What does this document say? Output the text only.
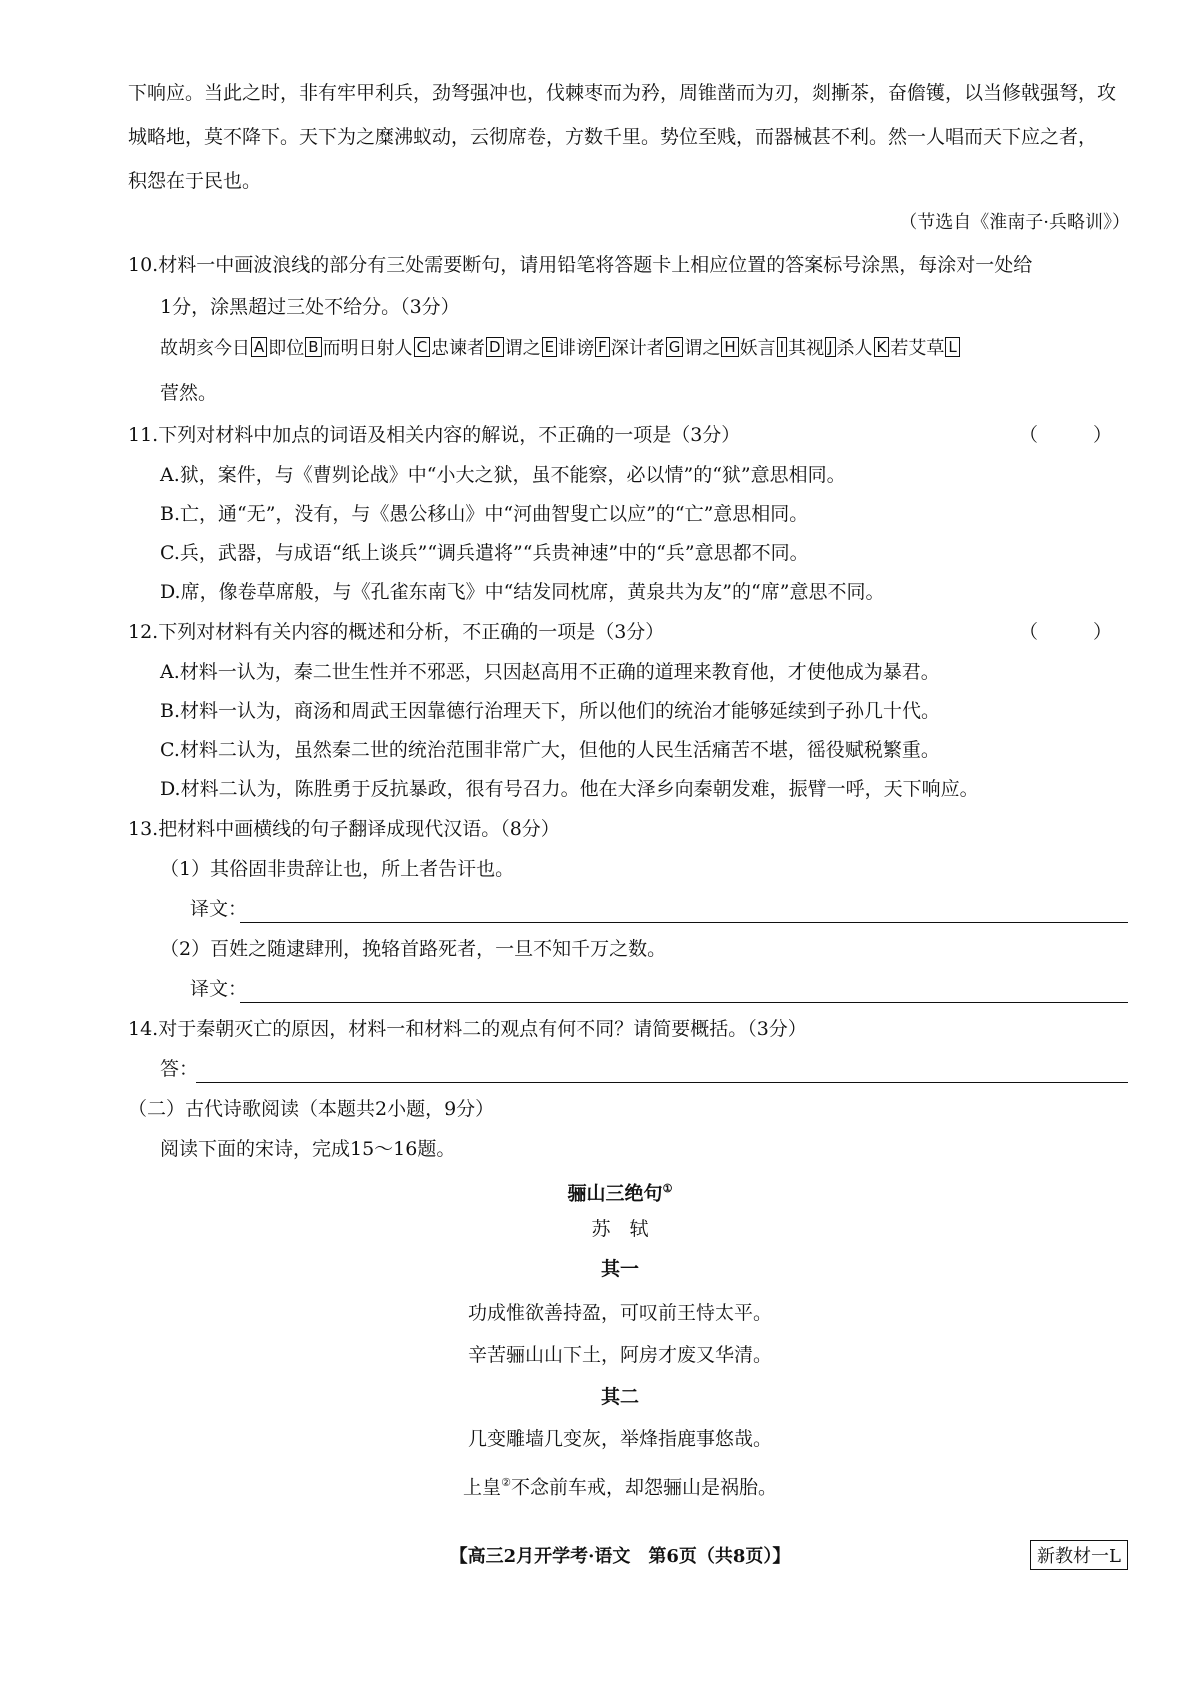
下响应。当此之时，非有牢甲利兵，劲弩强冲也，伐棘枣而为矜，周锥凿而为刃，剡摲茶，奋儋镬，以当修戟强弩，攻
城略地，莫不降下。天下为之糜沸蚁动，云彻席卷，方数千里。势位至贱，而器械甚不利。然一人唱而天下应之者，
积怨在于民也。
（节选自《淮南子·兵略训》）
10.材料一中画波浪线的部分有三处需要断句，请用铅笔将答题卡上相应位置的答案标号涂黑，每涂对一处给
1分，涂黑超过三处不给分。（3分）
故胡亥今日 A 即位 B 而明日射人 C 忠谏者 D 谓之 E 诽谤 F 深计者 G 谓之 H 妖言 I 其视 J 杀人 K 若艾草 L
菅然。
11.下列对材料中加点的词语及相关内容的解说，不正确的一项是（3分）	（　）
A.狱，案件，与《曹刿论战》中“小大之狱，虽不能察，必以情”的“狱”意思相同。
B.亡，通“无”，没有，与《愚公移山》中“河曲智叟亡以应”的“亡”意思相同。
C.兵，武器，与成语“纸上谈兵”“调兵遣将”“兵贵神速”中的“兵”意思都不同。
D.席，像卷草席般，与《孔雀东南飞》中“结发同枕席，黄泉共为友”的“席”意思不同。
12.下列对材料有关内容的概述和分析，不正确的一项是（3分）	（　）
A.材料一认为，秦二世生性并不邪恶，只因赵高用不正确的道理来教育他，才使他成为暴君。
B.材料一认为，商汤和周武王因靠德行治理天下，所以他们的统治才能够延续到子孙几十代。
C.材料二认为，虽然秦二世的统治范围非常广大，但他的人民生活痛苦不堪，徭役赋税繁重。
D.材料二认为，陈胜勇于反抗暴政，很有号召力。他在大泽乡向秦朝发难，振臂一呼，天下响应。
13.把材料中画横线的句子翻译成现代汉语。（8分）
（1）其俗固非贵辞让也，所上者告讦也。
译文：
（2）百姓之随逮肆刑，挽辂首路死者，一旦不知千万之数。
译文：
14.对于秦朝灭亡的原因，材料一和材料二的观点有何不同？请简要概括。（3分）
答：
（二）古代诗歌阅读（本题共2小题，9分）
阅读下面的宋诗，完成15～16题。
骊山三绝句①
苏　轼
其一
功成惟欲善持盈，可叹前王恃太平。
辛苦骊山山下土，阿房才废又华清。
其二
几变雕墙几变灰，举烽指鹿事悠哉。
上皇②不念前车戒，却怨骊山是祸胎。
【高三2月开学考·语文　第6页（共8页）】	新教材一L
